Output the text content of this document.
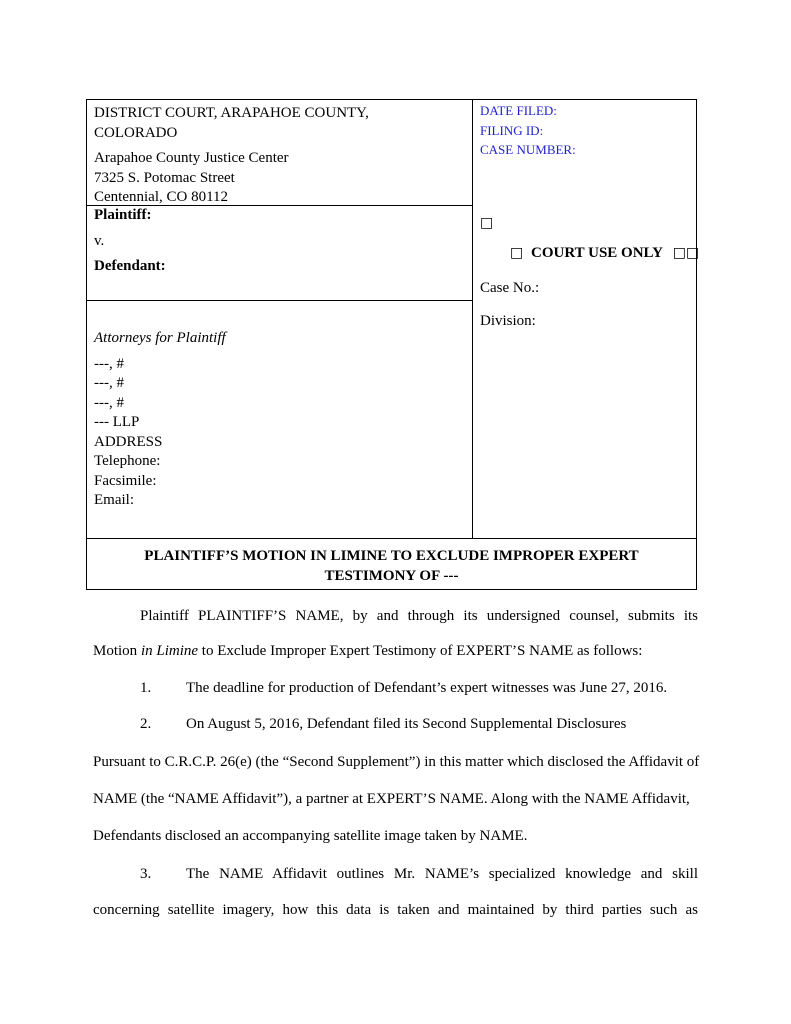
DISTRICT COURT, ARAPAHOE COUNTY,
COLORADO
Arapahoe County Justice Center
7325 S. Potomac Street
Centennial, CO 80112
Plaintiff:
v.
Defendant:
Attorneys for Plaintiff
---, #
---, #
---, #
--- LLP
ADDRESS
Telephone:
Facsimile:
Email:
DATE FILED:
FILING ID:
CASE NUMBER:
□
□ COURT USE ONLY □□
Case No.:
Division:
PLAINTIFF’S MOTION IN LIMINE TO EXCLUDE IMPROPER EXPERT
TESTIMONY OF ---
Plaintiff PLAINTIFF’S NAME, by and through its undersigned counsel, submits its
Motion in Limine to Exclude Improper Expert Testimony of EXPERT’S NAME as follows:
1. The deadline for production of Defendant’s expert witnesses was June 27, 2016.
2. On August 5, 2016, Defendant filed its Second Supplemental Disclosures
Pursuant to C.R.C.P. 26(e) (the “Second Supplement”) in this matter which disclosed the Affidavit of
NAME (the “NAME Affidavit”), a partner at EXPERT’S NAME. Along with the NAME Affidavit,
Defendants disclosed an accompanying satellite image taken by NAME.
3. The NAME Affidavit outlines Mr. NAME’s specialized knowledge and skill
concerning satellite imagery, how this data is taken and maintained by third parties such as
